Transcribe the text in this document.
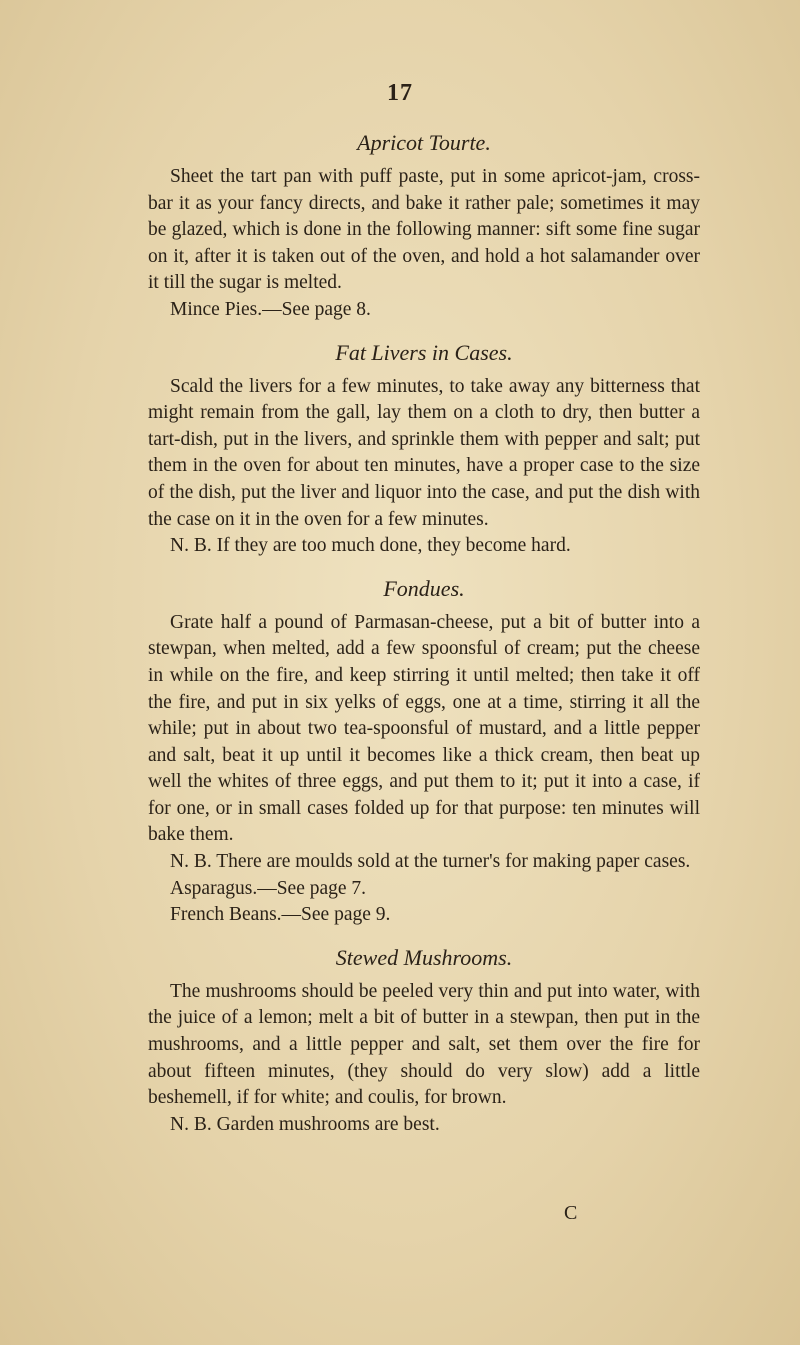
17
Apricot Tourte.

Sheet the tart pan with puff paste, put in some apricot-jam, cross-bar it as your fancy directs, and bake it rather pale; sometimes it may be glazed, which is done in the following manner: sift some fine sugar on it, after it is taken out of the oven, and hold a hot salamander over it till the sugar is melted.

Mince Pies.—See page 8.

Fat Livers in Cases.

Scald the livers for a few minutes, to take away any bitterness that might remain from the gall, lay them on a cloth to dry, then butter a tart-dish, put in the livers, and sprinkle them with pepper and salt; put them in the oven for about ten minutes, have a proper case to the size of the dish, put the liver and liquor into the case, and put the dish with the case on it in the oven for a few minutes.

N. B. If they are too much done, they become hard.

Fondues.

Grate half a pound of Parmasan-cheese, put a bit of butter into a stewpan, when melted, add a few spoonsful of cream; put the cheese in while on the fire, and keep stirring it until melted; then take it off the fire, and put in six yelks of eggs, one at a time, stirring it all the while; put in about two tea-spoonsful of mustard, and a little pepper and salt, beat it up until it becomes like a thick cream, then beat up well the whites of three eggs, and put them to it; put it into a case, if for one, or in small cases folded up for that purpose: ten minutes will bake them.

N. B. There are moulds sold at the turner's for making paper cases.

Asparagus.—See page 7.

French Beans.—See page 9.

Stewed Mushrooms.

The mushrooms should be peeled very thin and put into water, with the juice of a lemon; melt a bit of butter in a stewpan, then put in the mushrooms, and a little pepper and salt, set them over the fire for about fifteen minutes, (they should do very slow) add a little beshemell, if for white; and coulis, for brown.

N. B. Garden mushrooms are best.

C
